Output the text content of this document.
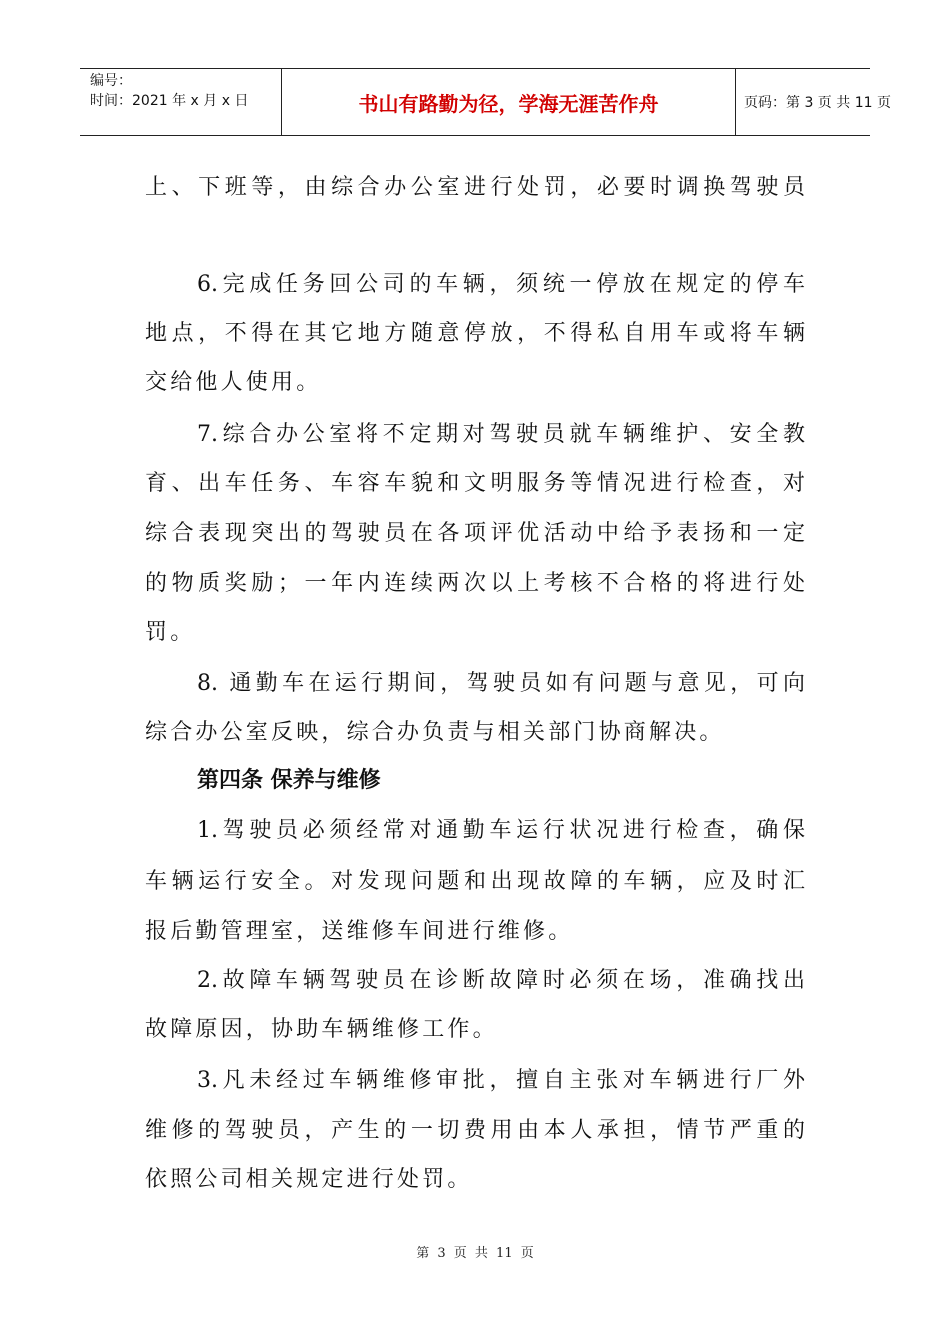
编号：
时间：2021 年 x 月 x 日	书山有路勤为径，学海无涯苦作舟	页码：第 3 页 共 11 页
上、下班等，由综合办公室进行处罚，必要时调换驾驶员
6.完成任务回公司的车辆，须统一停放在规定的停车
地点，不得在其它地方随意停放，不得私自用车或将车辆
交给他人使用。
7.综合办公室将不定期对驾驶员就车辆维护、安全教
育、出车任务、车容车貌和文明服务等情况进行检查，对
综合表现突出的驾驶员在各项评优活动中给予表扬和一定
的物质奖励；一年内连续两次以上考核不合格的将进行处
罚。
8. 通勤车在运行期间，驾驶员如有问题与意见，可向
综合办公室反映，综合办负责与相关部门协商解决。
第四条 保养与维修
1.驾驶员必须经常对通勤车运行状况进行检查，确保
车辆运行安全。对发现问题和出现故障的车辆，应及时汇
报后勤管理室，送维修车间进行维修。
2.故障车辆驾驶员在诊断故障时必须在场，准确找出
故障原因，协助车辆维修工作。
3.凡未经过车辆维修审批，擅自主张对车辆进行厂外
维修的驾驶员，产生的一切费用由本人承担，情节严重的
依照公司相关规定进行处罚。
第 3 页 共 11 页
